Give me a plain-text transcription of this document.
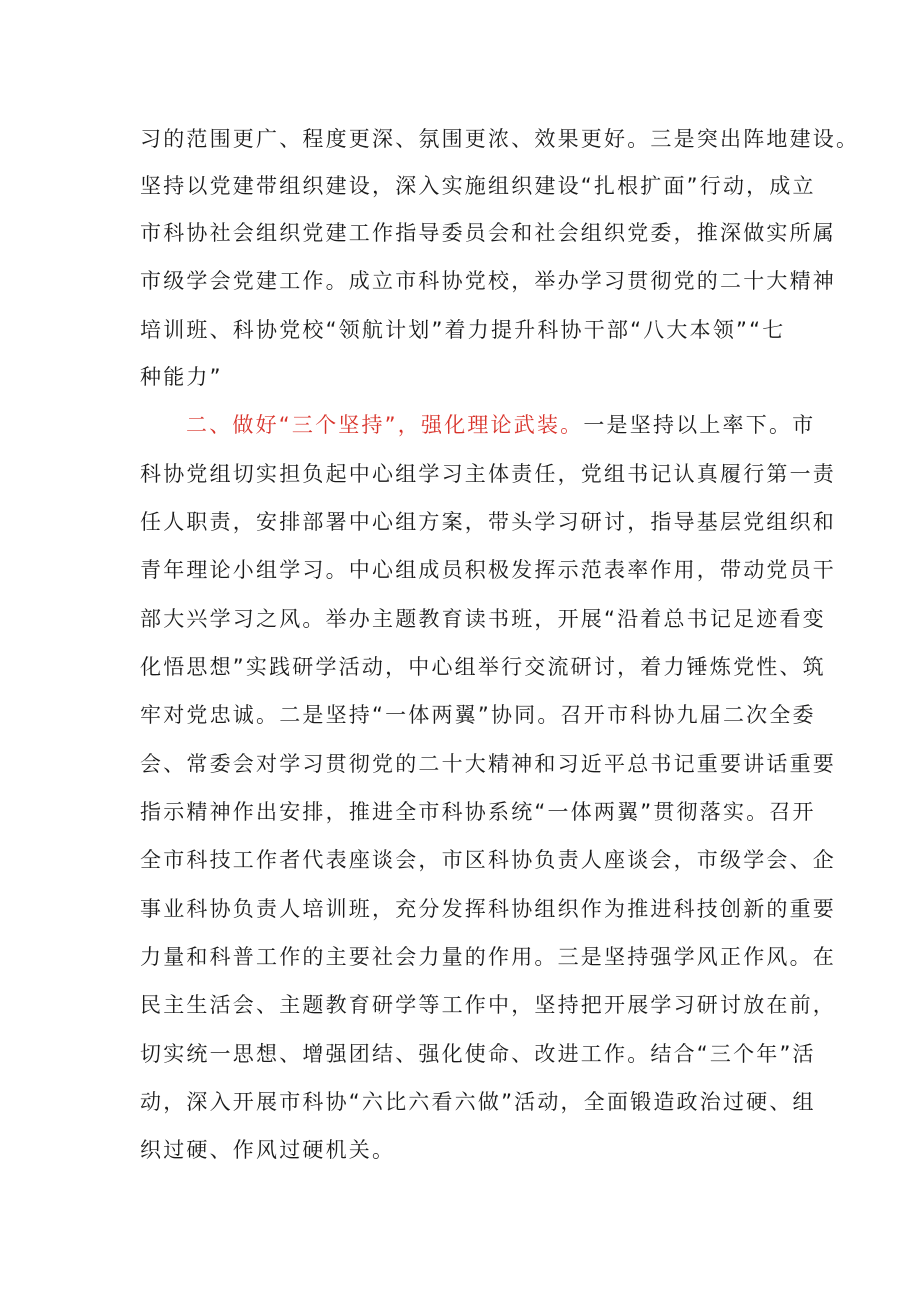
习的范围更广、程度更深、氛围更浓、效果更好。三是突出阵地建设。
坚持以党建带组织建设，深入实施组织建设“扎根扩面”行动，成立
市科协社会组织党建工作指导委员会和社会组织党委，推深做实所属
市级学会党建工作。成立市科协党校，举办学习贯彻党的二十大精神
培训班、科协党校“领航计划”着力提升科协干部“八大本领”“七
种能力”
二、做好“三个坚持”，强化理论武装。一是坚持以上率下。市
科协党组切实担负起中心组学习主体责任，党组书记认真履行第一责
任人职责，安排部署中心组方案，带头学习研讨，指导基层党组织和
青年理论小组学习。中心组成员积极发挥示范表率作用，带动党员干
部大兴学习之风。举办主题教育读书班，开展“沿着总书记足迹看变
化悟思想”实践研学活动，中心组举行交流研讨，着力锤炼党性、筑
牢对党忠诚。二是坚持“一体两翼”协同。召开市科协九届二次全委
会、常委会对学习贯彻党的二十大精神和习近平总书记重要讲话重要
指示精神作出安排，推进全市科协系统“一体两翼”贯彻落实。召开
全市科技工作者代表座谈会，市区科协负责人座谈会，市级学会、企
事业科协负责人培训班，充分发挥科协组织作为推进科技创新的重要
力量和科普工作的主要社会力量的作用。三是坚持强学风正作风。在
民主生活会、主题教育研学等工作中，坚持把开展学习研讨放在前，
切实统一思想、增强团结、强化使命、改进工作。结合“三个年”活
动，深入开展市科协“六比六看六做”活动，全面锻造政治过硬、组
织过硬、作风过硬机关。
